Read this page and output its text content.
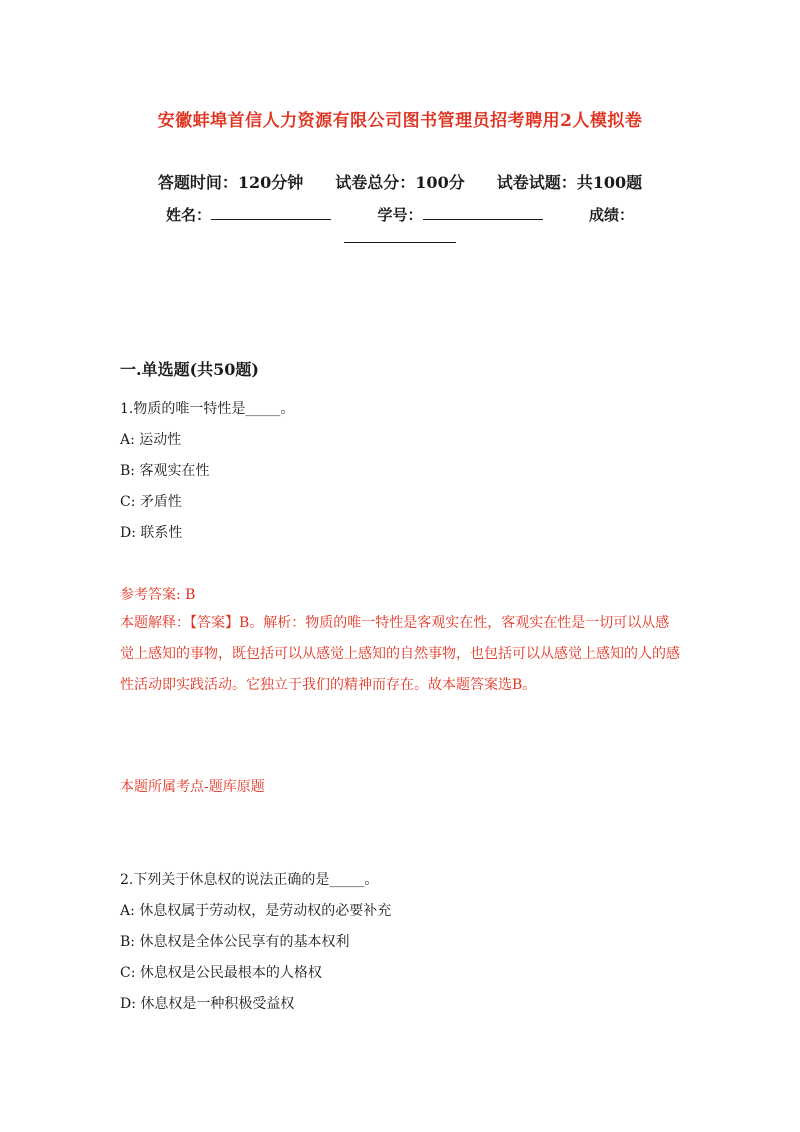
安徽蚌埠首信人力资源有限公司图书管理员招考聘用2人模拟卷
答题时间：120分钟 试卷总分：100分 试卷试题：共100题
姓名：	学号：	成绩：
一.单选题(共50题)
1.物质的唯一特性是_____。
A: 运动性
B: 客观实在性
C: 矛盾性
D: 联系性
参考答案: B
本题解释：【答案】B。解析：物质的唯一特性是客观实在性，客观实在性是一切可以从感觉上感知的事物，既包括可以从感觉上感知的自然事物，也包括可以从感觉上感知的人的感性活动即实践活动。它独立于我们的精神而存在。故本题答案选B。
本题所属考点-题库原题
2.下列关于休息权的说法正确的是_____。
A: 休息权属于劳动权，是劳动权的必要补充
B: 休息权是全体公民享有的基本权利
C: 休息权是公民最根本的人格权
D: 休息权是一种积极受益权
